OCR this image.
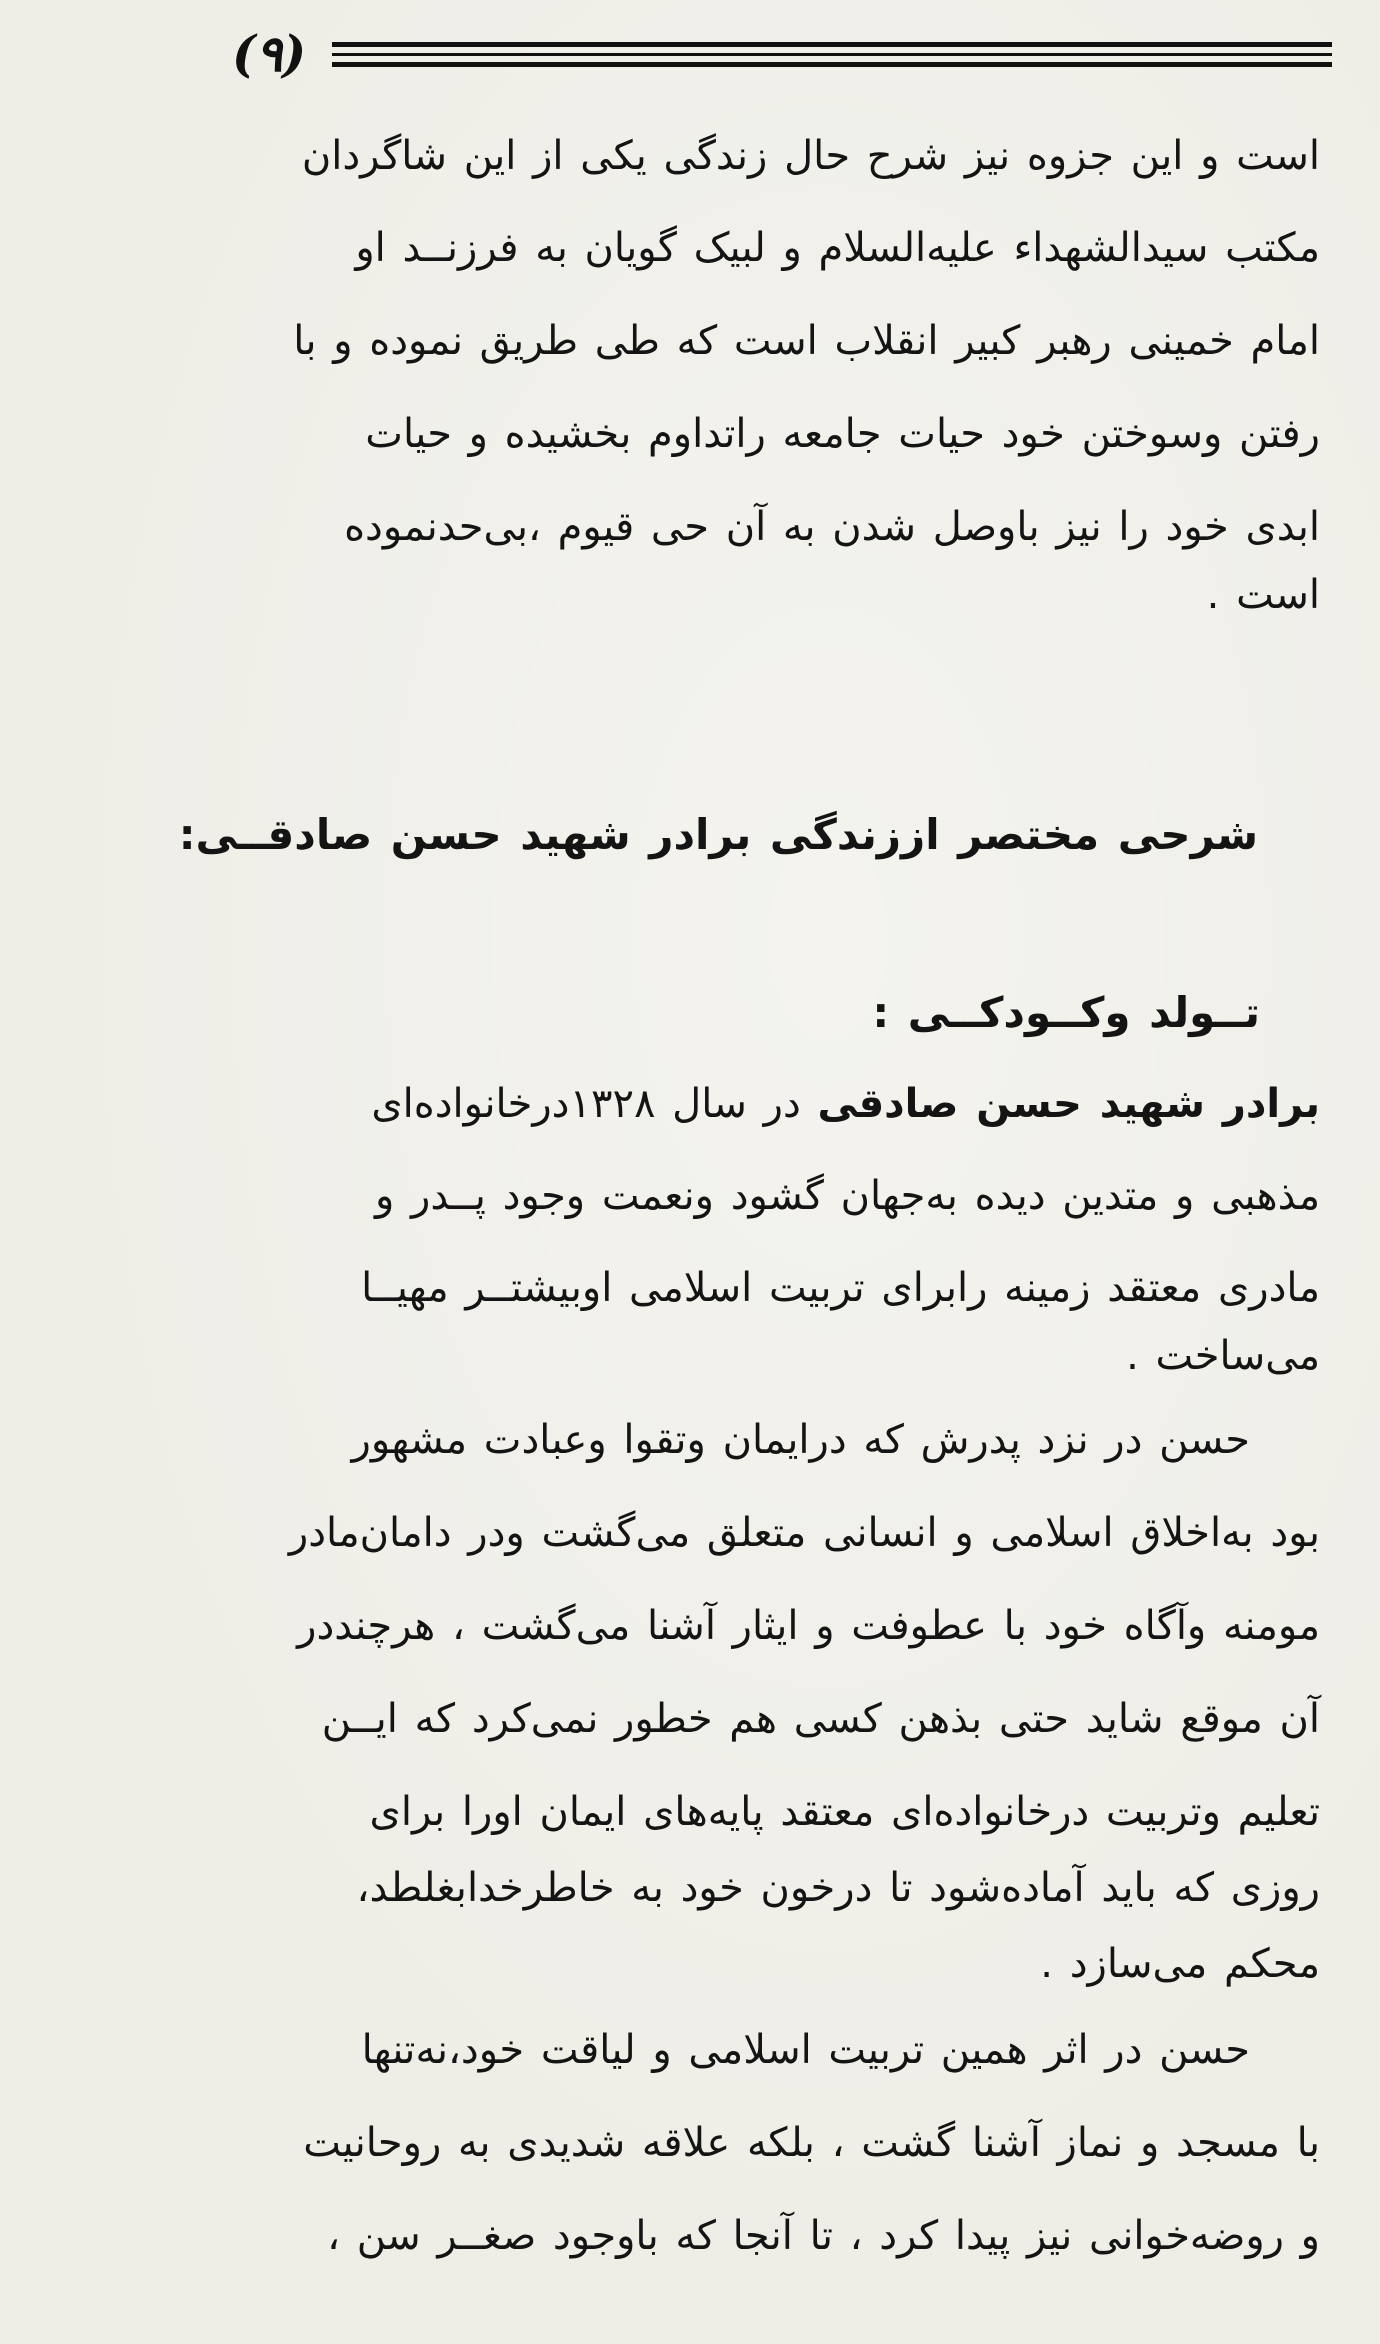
(۹)
است و این جزوه نیز شرح حال زندگی یکی از این شاگردان
مکتب سیدالشهداء علیه‌السلام و لبیک گویان به فرزنــد او
امام خمینی رهبر کبیر انقلاب است که طی طریق نموده و با
رفتن وسوختن خود حیات جامعه راتداوم بخشیده و حیات
ابدی خود را نیز باوصل شدن به آن حی قیوم ،بی‌حدنموده
است .
شرحی مختصر اززندگی برادر شهید حسن صادقــی:
تــولد وکــودکــی :
برادر شهید حسن صادقی در سال ۱۳۲۸درخانواده‌ای
مذهبی و متدین دیده به‌جهان گشود ونعمت وجود پــدر و
مادری معتقد زمینه رابرای تربیت اسلامی اوبیشتــر مهیــا
می‌ساخت .
حسن در نزد پدرش که درایمان وتقوا وعبادت مشهور
بود به‌اخلاق اسلامی و انسانی متعلق می‌گشت ودر دامان‌مادر
مومنه وآگاه خود با عطوفت و ایثار آشنا می‌گشت ، هرچنددر
آن موقع شاید حتی بذهن کسی هم خطور نمی‌کرد که ایــن
تعلیم وتربیت درخانواده‌ای معتقد پایه‌های ایمان اورا برای
روزی که باید آماده‌شود تا درخون خود به خاطرخدابغلطد،
محکم می‌سازد .
حسن در اثر همین تربیت اسلامی و لیاقت خود،نه‌تنها
با مسجد و نماز آشنا گشت ، بلکه علاقه شدیدی به روحانیت
و روضه‌خوانی نیز پیدا کرد ، تا آنجا که باوجود صغــر سن ،
